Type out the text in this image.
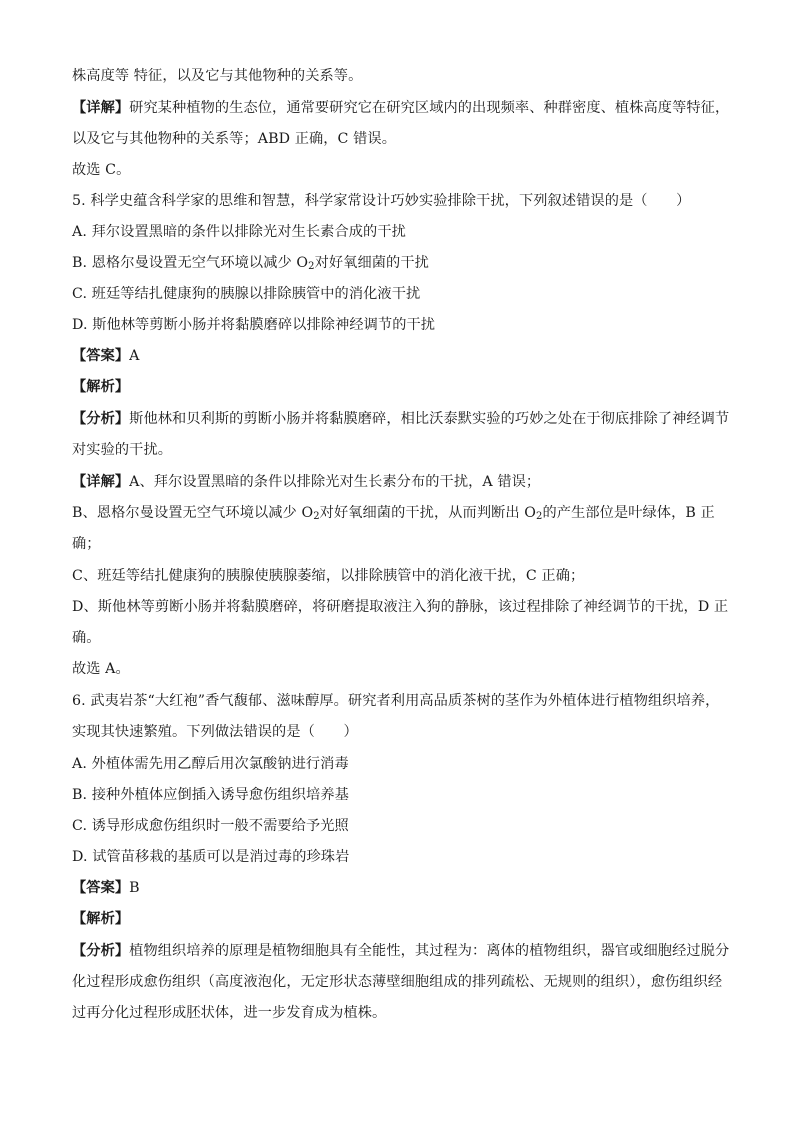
株高度等 特征，以及它与其他物种的关系等。
【详解】研究某种植物的生态位，通常要研究它在研究区域内的出现频率、种群密度、植株高度等特征，
以及它与其他物种的关系等；ABD 正确，C 错误。
故选 C。
5. 科学史蕴含科学家的思维和智慧，科学家常设计巧妙实验排除干扰，下列叙述错误的是（　　）
A. 拜尔设置黑暗的条件以排除光对生长素合成的干扰
B. 恩格尔曼设置无空气环境以减少 $O_2$对好氧细菌的干扰
C. 班廷等结扎健康狗的胰腺以排除胰管中的消化液干扰
D. 斯他林等剪断小肠并将黏膜磨碎以排除神经调节的干扰
【答案】A
【解析】
【分析】斯他林和贝利斯的剪断小肠并将黏膜磨碎，相比沃泰默实验的巧妙之处在于彻底排除了神经调节
对实验的干扰。
【详解】A、拜尔设置黑暗的条件以排除光对生长素分布的干扰，A 错误；
B、恩格尔曼设置无空气环境以减少 $O_2$对好氧细菌的干扰，从而判断出 $O_2$的产生部位是叶绿体，B 正
确；
C、班廷等结扎健康狗的胰腺使胰腺萎缩，以排除胰管中的消化液干扰，C 正确；
D、斯他林等剪断小肠并将黏膜磨碎，将研磨提取液注入狗的静脉，该过程排除了神经调节的干扰，D 正
确。
故选 A。
6. 武夷岩茶“大红袍”香气馥郁、滋味醇厚。研究者利用高品质茶树的茎作为外植体进行植物组织培养，
实现其快速繁殖。下列做法错误的是（　　）
A. 外植体需先用乙醇后用次氯酸钠进行消毒
B. 接种外植体应倒插入诱导愈伤组织培养基
C. 诱导形成愈伤组织时一般不需要给予光照
D. 试管苗移栽的基质可以是消过毒的珍珠岩
【答案】B
【解析】
【分析】植物组织培养的原理是植物细胞具有全能性，其过程为：离体的植物组织，器官或细胞经过脱分
化过程形成愈伤组织（高度液泡化，无定形状态薄壁细胞组成的排列疏松、无规则的组织），愈伤组织经
过再分化过程形成胚状体，进一步发育成为植株。
